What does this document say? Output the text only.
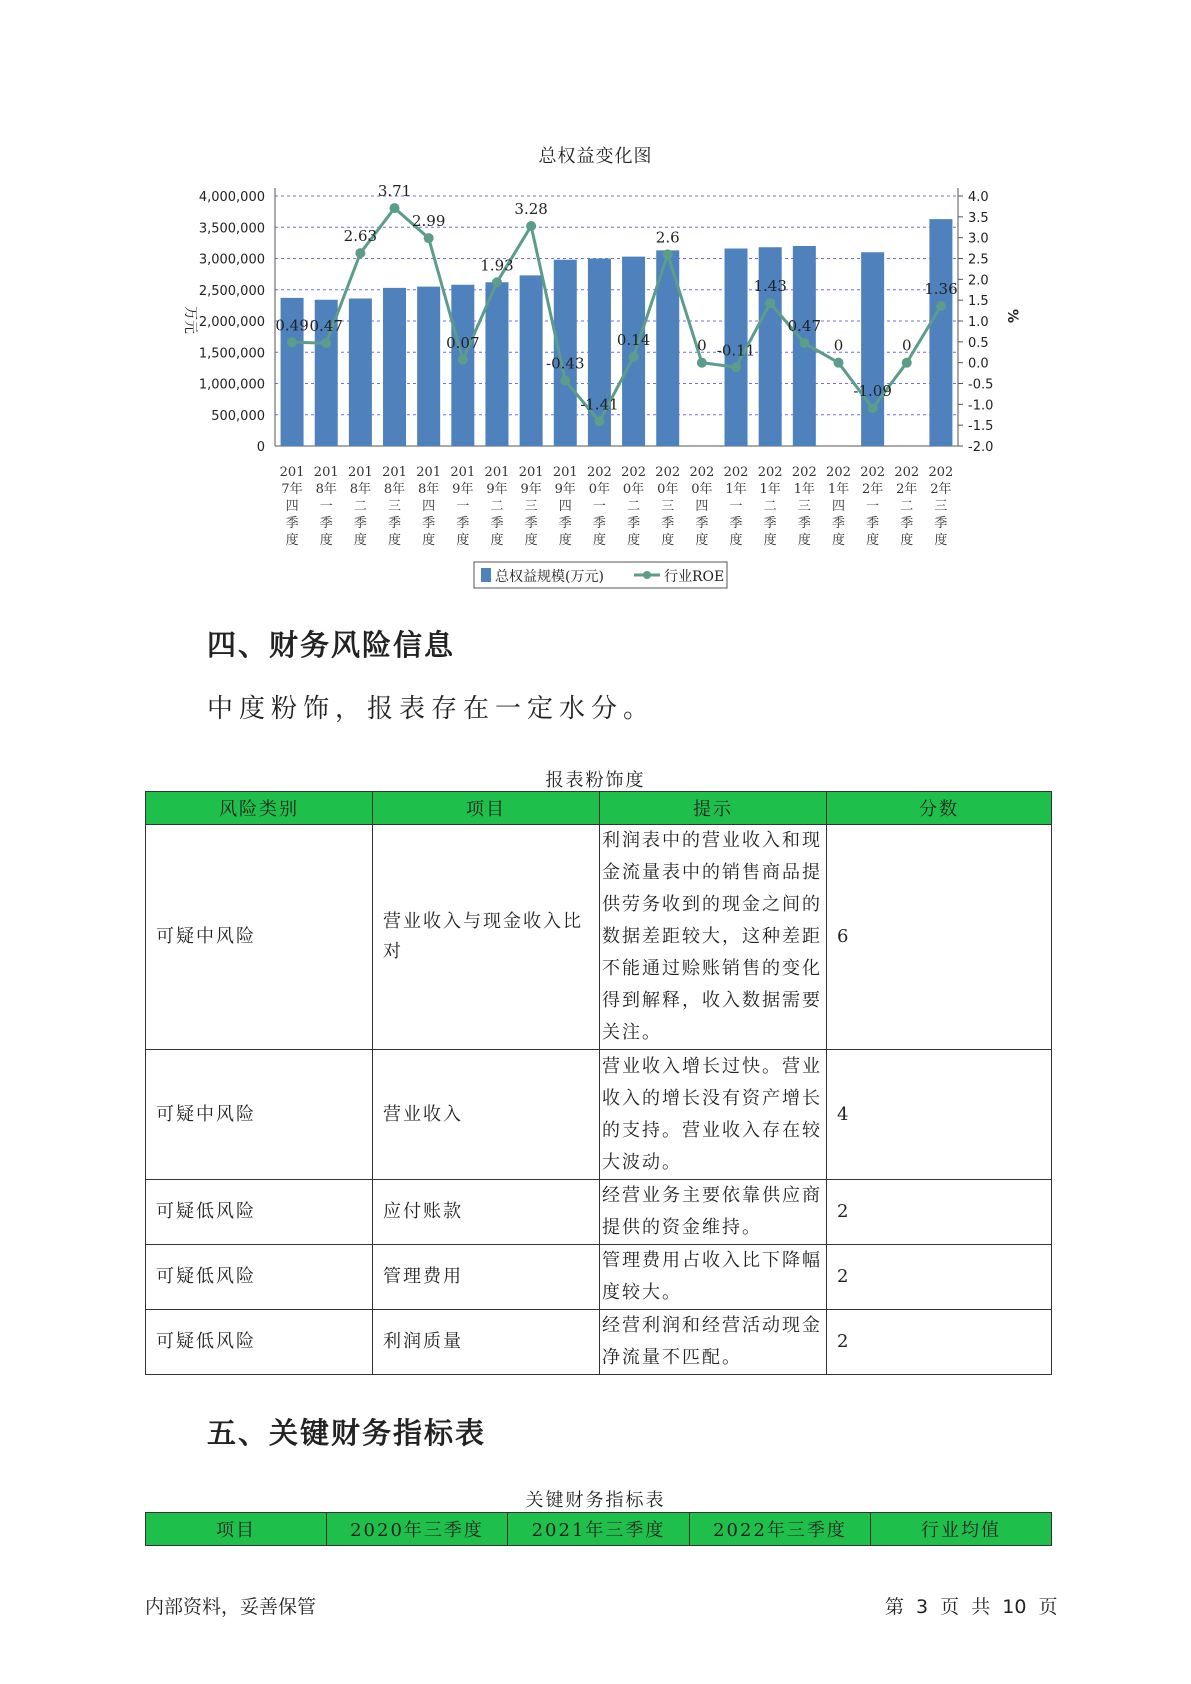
总权益变化图
0
500,000
1,000,000
1,500,000
2,000,000
2,500,000
3,000,000
3,500,000
4,000,000
-2.0
-1.5
-1.0
-0.5
0.0
0.5
1.0
1.5
2.0
2.5
3.0
3.5
4.0
万元	%
201
7年
四
季
度
201
8年
一
季
度
201
8年
二
季
度
201
8年
三
季
度
201
8年
四
季
度
201
9年
一
季
度
201
9年
二
季
度
201
9年
三
季
度
201
9年
四
季
度
202
0年
一
季
度
202
0年
二
季
度
202
0年
三
季
度
202
0年
四
季
度
202
1年
一
季
度
202
1年
二
季
度
202
1年
三
季
度
202
1年
四
季
度
202
2年
一
季
度
202
2年
二
季
度
202
2年
三
季
度
0.49 0.47
2.63
3.71
2.99
0.07
1.93
3.28
-0.43
-1.41
0.14
2.6
0 -0.11
1.43
0.47
0
-1.09
0
1.36
总权益规模(万元)	行业ROE
四、财务风险信息
中度粉饰，报表存在一定水分。
报表粉饰度
风险类别	项目	提示	分数
可疑中风险	营业收入与现金收入比对	利润表中的营业收入和现金流量表中的销售商品提供劳务收到的现金之间的数据差距较大，这种差距不能通过赊账销售的变化得到解释，收入数据需要关注。	6
可疑中风险	营业收入	营业收入增长过快。营业收入的增长没有资产增长的支持。营业收入存在较大波动。	4
可疑低风险	应付账款	经营业务主要依靠供应商提供的资金维持。	2
可疑低风险	管理费用	管理费用占收入比下降幅度较大。	2
可疑低风险	利润质量	经营利润和经营活动现金净流量不匹配。	2
五、关键财务指标表
关键财务指标表
项目	2020年三季度	2021年三季度	2022年三季度	行业均值
内部资料，妥善保管	第 3 页 共 10 页
